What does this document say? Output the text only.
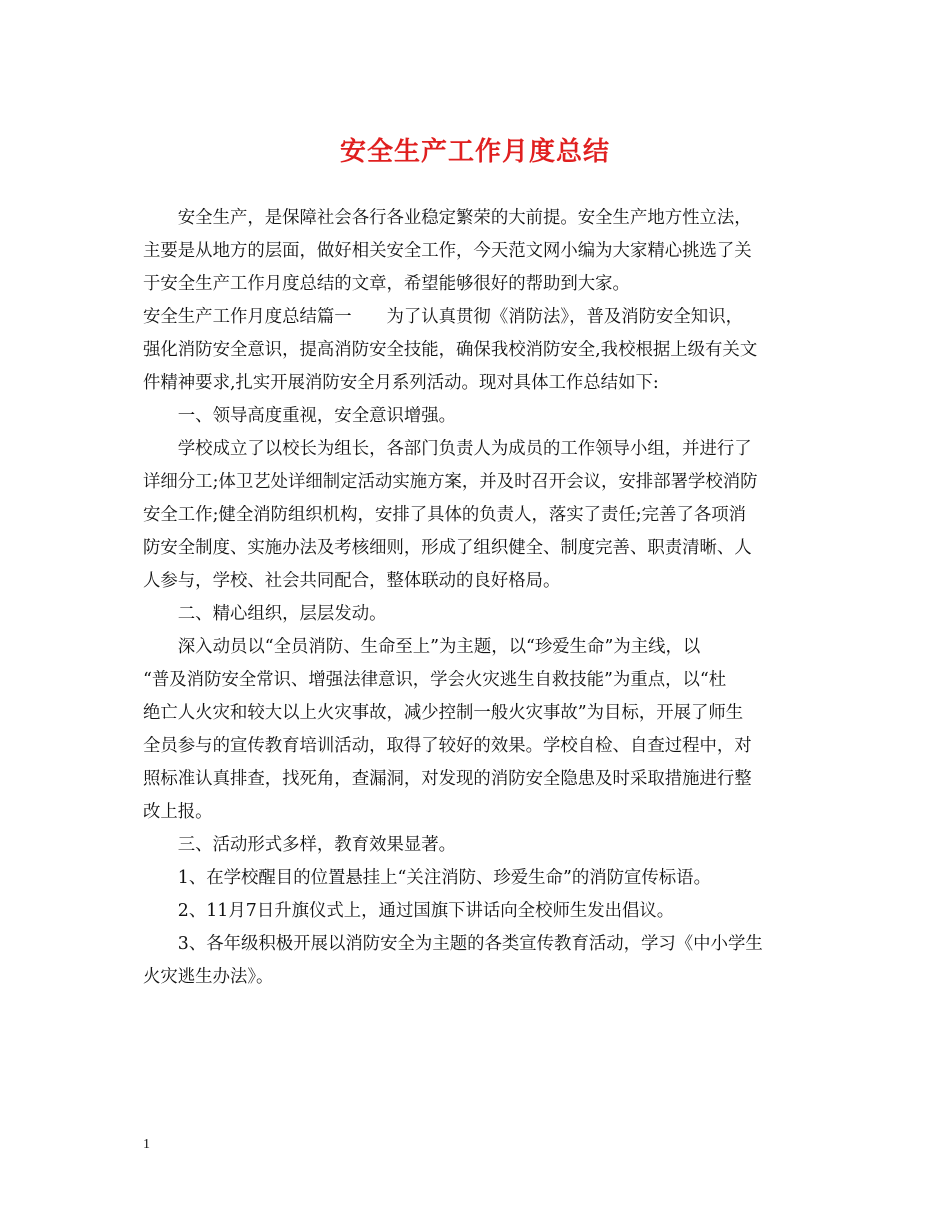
安全生产工作月度总结
　　安全生产，是保障社会各行各业稳定繁荣的大前提。安全生产地方性立法，
主要是从地方的层面，做好相关安全工作，今天范文网小编为大家精心挑选了关
于安全生产工作月度总结的文章，希望能够很好的帮助到大家。
安全生产工作月度总结篇一　　为了认真贯彻《消防法》，普及消防安全知识，
强化消防安全意识，提高消防安全技能，确保我校消防安全,我校根据上级有关文
件精神要求,扎实开展消防安全月系列活动。现对具体工作总结如下:
　　一、领导高度重视，安全意识增强。
　　学校成立了以校长为组长，各部门负责人为成员的工作领导小组，并进行了
详细分工;体卫艺处详细制定活动实施方案，并及时召开会议，安排部署学校消防
安全工作;健全消防组织机构，安排了具体的负责人，落实了责任;完善了各项消
防安全制度、实施办法及考核细则，形成了组织健全、制度完善、职责清晰、人
人参与，学校、社会共同配合，整体联动的良好格局。
　　二、精心组织，层层发动。
　　深入动员以“全员消防、生命至上”为主题，以“珍爱生命”为主线，以
“普及消防安全常识、增强法律意识，学会火灾逃生自救技能”为重点，以“杜
绝亡人火灾和较大以上火灾事故，减少控制一般火灾事故”为目标，开展了师生
全员参与的宣传教育培训活动，取得了较好的效果。学校自检、自查过程中，对
照标准认真排查，找死角，查漏洞，对发现的消防安全隐患及时采取措施进行整
改上报。
　　三、活动形式多样，教育效果显著。
　　1、在学校醒目的位置悬挂上“关注消防、珍爱生命”的消防宣传标语。
　　2、11月7日升旗仪式上，通过国旗下讲话向全校师生发出倡议。
　　3、各年级积极开展以消防安全为主题的各类宣传教育活动，学习《中小学生
火灾逃生办法》。
1
